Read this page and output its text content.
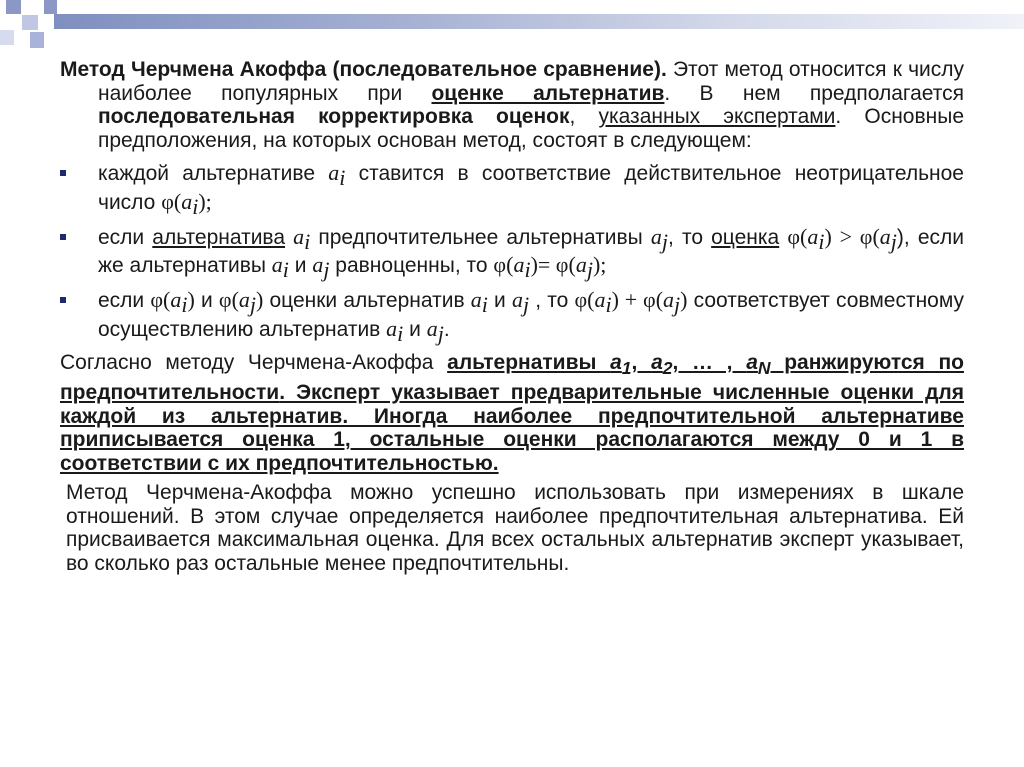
Метод Черчмена Акоффа (последовательное сравнение). Этот метод относится к числу наиболее популярных при оценке альтернатив. В нем предполагается последовательная корректировка оценок, указанных экспертами. Основные предположения, на которых основан метод, состоят в следующем:
каждой альтернативе $a_i$ ставится в соответствие действительное неотрицательное число $\varphi(a_i)$;
если альтернатива $a_i$ предпочтительнее альтернативы $a_j$, то оценка $\varphi(a_i) > \varphi(a_j)$, если же альтернативы $a_i$ и $a_j$ равноценны, то $\varphi(a_i)= \varphi(a_j)$;
если $\varphi(a_i)$ и $\varphi(a_j)$ оценки альтернатив $a_i$ и $a_j$ , то $\varphi(a_i) + \varphi(a_j)$ соответствует совместному осуществлению альтернатив $a_i$ и $a_j$.
Согласно методу Черчмена-Акоффа альтернативы $a_1$, $a_2$, … , $a_N$ ранжируются по предпочтительности. Эксперт указывает предварительные численные оценки для каждой из альтернатив. Иногда наиболее предпочтительной альтернативе приписывается оценка 1, остальные оценки располагаются между 0 и 1 в соответствии с их предпочтительностью.
Метод Черчмена-Акоффа можно успешно использовать при измерениях в шкале отношений. В этом случае определяется наиболее предпочтительная альтернатива. Ей присваивается максимальная оценка. Для всех остальных альтернатив эксперт указывает, во сколько раз остальные менее предпочтительны.
